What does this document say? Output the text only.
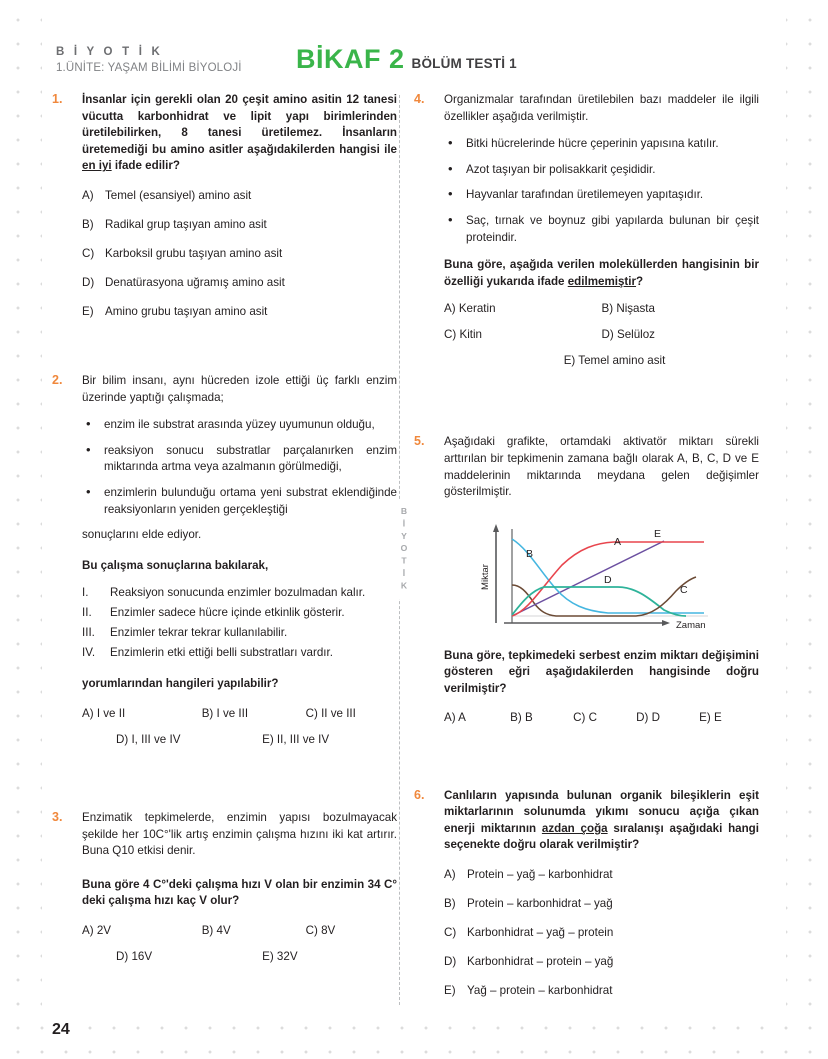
B İ Y O T İ K
1.ÜNİTE: YAŞAM BİLİMİ BİYOLOJİ	BİKAF 2 BÖLÜM TESTİ 1
BİYOTİK
1.	İnsanlar için gerekli olan 20 çeşit amino asitin 12 tanesi vücutta karbonhidrat ve lipit yapı birimlerinden üretilebilirken, 8 tanesi üretilemez. İnsanların üretemediği bu amino asitler aşağıdakilerden hangisi ile en iyi ifade edilir?
A) Temel (esansiyel) amino asit
B) Radikal grup taşıyan amino asit
C) Karboksil grubu taşıyan amino asit
D) Denatürasyona uğramış amino asit
E) Amino grubu taşıyan amino asit
2.	Bir bilim insanı, aynı hücreden izole ettiği üç farklı enzim üzerinde yaptığı çalışmada;
• enzim ile substrat arasında yüzey uyumunun olduğu,
• reaksiyon sonucu substratlar parçalanırken enzim miktarında artma veya azalmanın görülmediği,
• enzimlerin bulunduğu ortama yeni substrat eklendiğinde reaksiyonların yeniden gerçekleştiği
sonuçlarını elde ediyor.
Bu çalışma sonuçlarına bakılarak,
I. Reaksiyon sonucunda enzimler bozulmadan kalır.
II. Enzimler sadece hücre içinde etkinlik gösterir.
III. Enzimler tekrar tekrar kullanılabilir.
IV. Enzimlerin etki ettiği belli substratları vardır.
yorumlarından hangileri yapılabilir?
A) I ve II	B) I ve III	C) II ve III
D) I, III ve IV	E) II, III ve IV
3.	Enzimatik tepkimelerde, enzimin yapısı bozulmayacak şekilde her 10C°'lik artış enzimin çalışma hızını iki kat artırır. Buna Q10 etkisi denir.
Buna göre 4 C°'deki çalışma hızı V olan bir enzimin 34 C° deki çalışma hızı kaç V olur?
A) 2V	B) 4V	C) 8V
D) 16V	E) 32V
4.	Organizmalar tarafından üretilebilen bazı maddeler ile ilgili özellikler aşağıda verilmiştir.
• Bitki hücrelerinde hücre çeperinin yapısına katılır.
• Azot taşıyan bir polisakkarit çeşididir.
• Hayvanlar tarafından üretilemeyen yapıtaşıdır.
• Saç, tırnak ve boynuz gibi yapılarda bulunan bir çeşit proteindir.
Buna göre, aşağıda verilen moleküllerden hangisinin bir özelliği yukarıda ifade edilmemiştir?
A) Keratin	B) Nişasta
C) Kitin	D) Selüloz
E) Temel amino asit
5.	Aşağıdaki grafikte, ortamdaki aktivatör miktarı sürekli arttırılan bir tepkimenin zamana bağlı olarak A, B, C, D ve E maddelerinin miktarında meydana gelen değişimler gösterilmiştir.
Miktar
Zaman
A
B
C
D
E
Buna göre, tepkimedeki serbest enzim miktarı değişimini gösteren eğri aşağıdakilerden hangisinde doğru verilmiştir?
A) A	B) B	C) C	D) D	E) E
6.	Canlıların yapısında bulunan organik bileşiklerin eşit miktarlarının solunumda yıkımı sonucu açığa çıkan enerji miktarının azdan çoğa sıralanışı aşağıdaki hangi seçenekte doğru olarak verilmiştir?
A) Protein – yağ – karbonhidrat
B) Protein – karbonhidrat – yağ
C) Karbonhidrat – yağ – protein
D) Karbonhidrat – protein – yağ
E) Yağ – protein – karbonhidrat
24
